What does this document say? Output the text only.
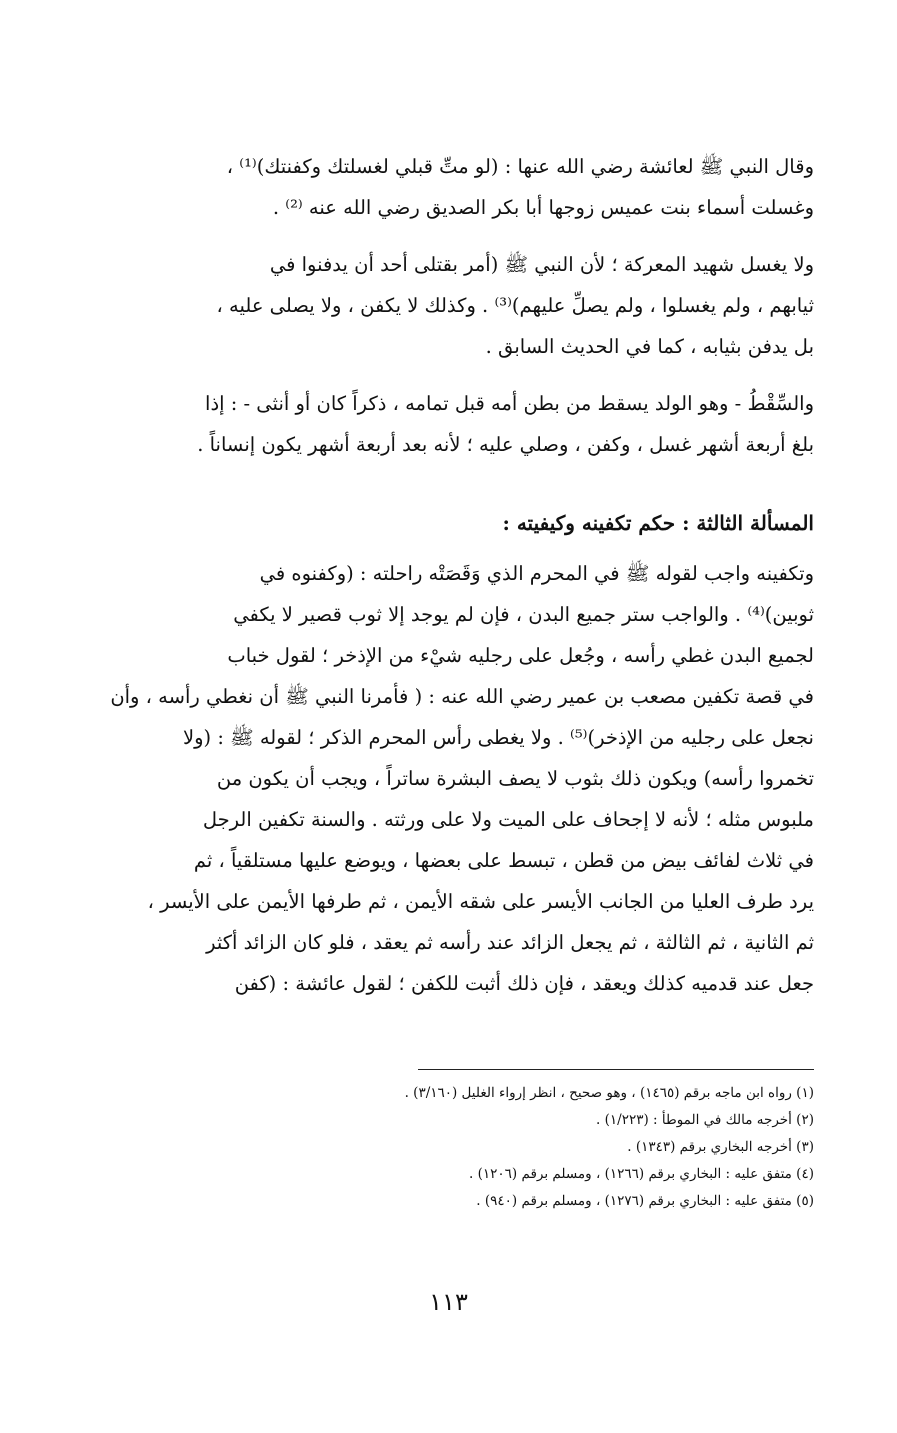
وقال النبي ﷺ لعائشة رضي الله عنها : (لو متِّ قبلي لغسلتك وكفنتك)⁽¹⁾ ،
وغسلت أسماء بنت عميس زوجها أبا بكر الصديق رضي الله عنه ⁽²⁾ .
ولا يغسل شهيد المعركة ؛ لأن النبي ﷺ (أمر بقتلى أحد أن يدفنوا في
ثيابهم ، ولم يغسلوا ، ولم يصلِّ عليهم)⁽³⁾ . وكذلك لا يكفن ، ولا يصلى عليه ،
بل يدفن بثيابه ، كما في الحديث السابق .
والسِّقْطُ - وهو الولد يسقط من بطن أمه قبل تمامه ، ذكراً كان أو أنثى - : إذا
بلغ أربعة أشهر غسل ، وكفن ، وصلي عليه ؛ لأنه بعد أربعة أشهر يكون إنساناً .
المسألة الثالثة : حكم تكفينه وكيفيته :
وتكفينه واجب لقوله ﷺ في المحرم الذي وَقَصَتْه راحلته : (وكفنوه في
ثوبين)⁽⁴⁾ . والواجب ستر جميع البدن ، فإن لم يوجد إلا ثوب قصير لا يكفي
لجميع البدن غطي رأسه ، وجُعل على رجليه شيْء من الإذخر ؛ لقول خباب
في قصة تكفين مصعب بن عمير رضي الله عنه : ( فأمرنا النبي ﷺ أن نغطي رأسه ، وأن
نجعل على رجليه من الإذخر)⁽⁵⁾ . ولا يغطى رأس المحرم الذكر ؛ لقوله ﷺ : (ولا
تخمروا رأسه) ويكون ذلك بثوب لا يصف البشرة ساتراً ، ويجب أن يكون من
ملبوس مثله ؛ لأنه لا إجحاف على الميت ولا على ورثته . والسنة تكفين الرجل
في ثلاث لفائف بيض من قطن ، تبسط على بعضها ، ويوضع عليها مستلقياً ، ثم
يرد طرف العليا من الجانب الأيسر على شقه الأيمن ، ثم طرفها الأيمن على الأيسر ،
ثم الثانية ، ثم الثالثة ، ثم يجعل الزائد عند رأسه ثم يعقد ، فلو كان الزائد أكثر
جعل عند قدميه كذلك ويعقد ، فإن ذلك أثبت للكفن ؛ لقول عائشة : (كفن
(١) رواه ابن ماجه برقم (١٤٦٥) ، وهو صحيح ، انظر إرواء الغليل (٣/١٦٠) .
(٢) أخرجه مالك في الموطأ : (١/٢٢٣) .
(٣) أخرجه البخاري برقم (١٣٤٣) .
(٤) متفق عليه : البخاري برقم (١٢٦٦) ، ومسلم برقم (١٢٠٦) .
(٥) متفق عليه : البخاري برقم (١٢٧٦) ، ومسلم برقم (٩٤٠) .
١١٣
